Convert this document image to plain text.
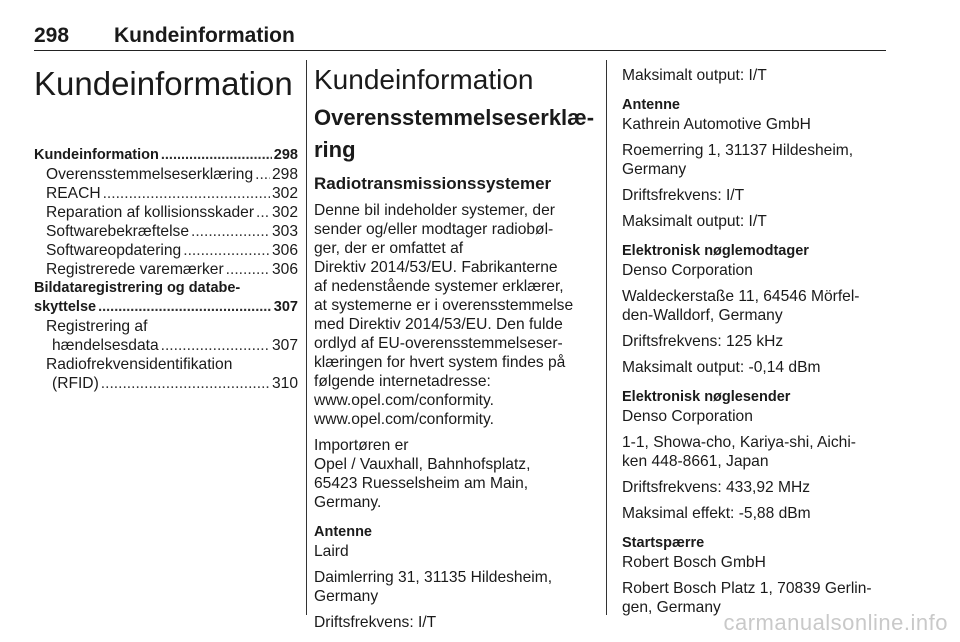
298 Kundeinformation
Kundeinformation
Kundeinformation .....	298
Overensstemmelseserklæring ..... 298
REACH .....	302
Reparation af kollisionsskader ..... 302
Softwarebekræftelse .....	303
Softwareopdatering .....	306
Registrerede varemærker .....	306
Bildataregistrering og databe-
skyttelse .....	307
Registrering af
hændelsesdata .....	307
Radiofrekvensidentifikation
(RFID) .....	310
Kundeinformation
Overensstemmelseserklæ-
ring
Radiotransmissionssystemer
Denne bil indeholder systemer, der
sender og/eller modtager radiobøl-
ger, der er omfattet af
Direktiv 2014/53/EU. Fabrikanterne
af nedenstående systemer erklærer,
at systemerne er i overensstemmelse
med Direktiv 2014/53/EU. Den fulde
ordlyd af EU-overensstemmelseser-
klæringen for hvert system findes på
følgende internetadresse:
www.opel.com/conformity.
www.opel.com/conformity.
Importøren er
Opel / Vauxhall, Bahnhofsplatz,
65423 Ruesselsheim am Main,
Germany.
Antenne
Laird
Daimlerring 31, 31135 Hildesheim,
Germany
Driftsfrekvens: I/T
Maksimalt output: I/T
Antenne
Kathrein Automotive GmbH
Roemerring 1, 31137 Hildesheim,
Germany
Driftsfrekvens: I/T
Maksimalt output: I/T
Elektronisk nøglemodtager
Denso Corporation
Waldeckerstaße 11, 64546 Mörfel-
den-Walldorf, Germany
Driftsfrekvens: 125 kHz
Maksimalt output: -0,14 dBm
Elektronisk nøglesender
Denso Corporation
1-1, Showa-cho, Kariya-shi, Aichi-
ken 448-8661, Japan
Driftsfrekvens: 433,92 MHz
Maksimal effekt: -5,88 dBm
Startspærre
Robert Bosch GmbH
Robert Bosch Platz 1, 70839 Gerlin-
gen, Germany
carmanualsonline.info
